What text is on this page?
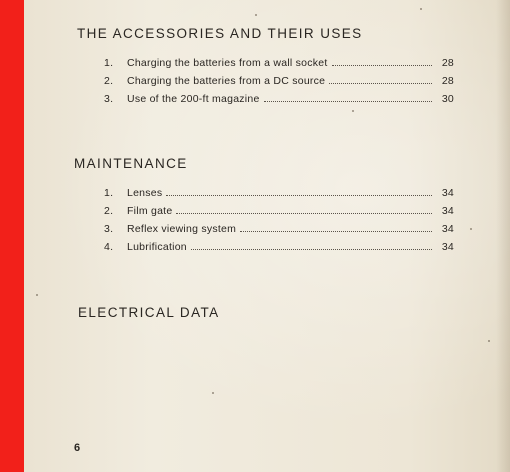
THE ACCESSORIES AND THEIR USES
1.	Charging the batteries from a wall socket	28
2.	Charging the batteries from a DC source	28
3.	Use of the 200-ft magazine	30
MAINTENANCE
1.	Lenses	34
2.	Film gate	34
3.	Reflex viewing system	34
4.	Lubrification	34
ELECTRICAL DATA
6
